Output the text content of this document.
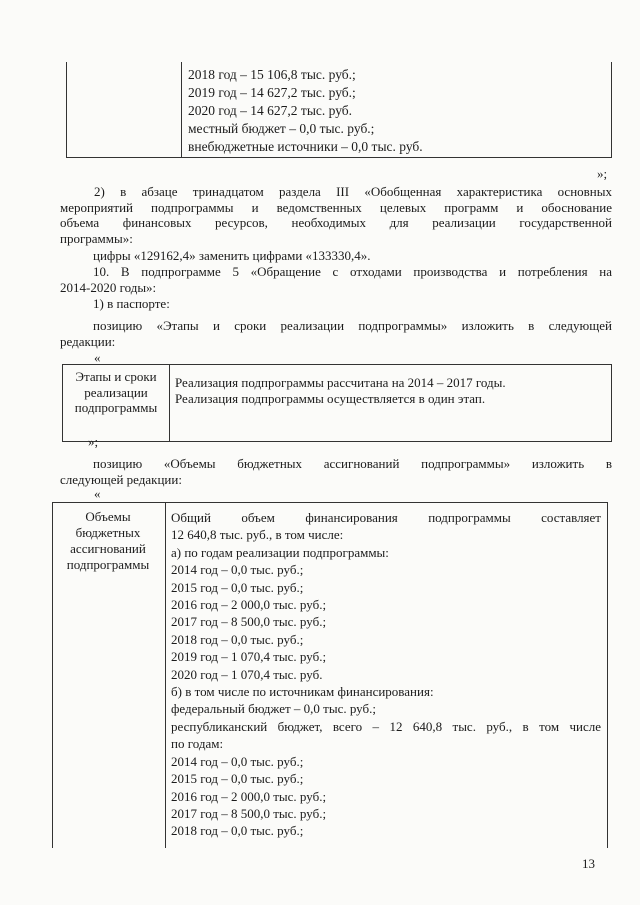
2018 год – 15 106,8 тыс. руб.;
2019 год – 14 627,2 тыс. руб.;
2020 год – 14 627,2 тыс. руб.
местный бюджет – 0,0 тыс. руб.;
внебюджетные источники – 0,0 тыс. руб.
»;
2) в абзаце тринадцатом раздела III «Обобщенная характеристика основных
мероприятий подпрограммы и ведомственных целевых программ и обоснование
объема финансовых ресурсов, необходимых для реализации государственной
программы»:
цифры «129162,4» заменить цифрами «133330,4».
10. В подпрограмме 5 «Обращение с отходами производства и потребления на
2014-2020 годы»:
1) в паспорте:
позицию «Этапы и сроки реализации подпрограммы» изложить в следующей
редакции:
«
Этапы и сроки
реализации
подпрограммы
Реализация подпрограммы рассчитана на 2014 – 2017 годы.
Реализация подпрограммы осуществляется в один этап.
»;
позицию «Объемы бюджетных ассигнований подпрограммы» изложить в
следующей редакции:
«
Объемы
бюджетных
ассигнований
подпрограммы
Общий объем финансирования подпрограммы составляет
12 640,8 тыс. руб., в том числе:
а) по годам реализации подпрограммы:
2014 год – 0,0 тыс. руб.;
2015 год – 0,0 тыс. руб.;
2016 год – 2 000,0 тыс. руб.;
2017 год – 8 500,0 тыс. руб.;
2018 год – 0,0 тыс. руб.;
2019 год – 1 070,4 тыс. руб.;
2020 год – 1 070,4 тыс. руб.
б) в том числе по источникам финансирования:
федеральный бюджет – 0,0 тыс. руб.;
республиканский бюджет, всего – 12 640,8 тыс. руб., в том числе
по годам:
2014 год – 0,0 тыс. руб.;
2015 год – 0,0 тыс. руб.;
2016 год – 2 000,0 тыс. руб.;
2017 год – 8 500,0 тыс. руб.;
2018 год – 0,0 тыс. руб.;
13
